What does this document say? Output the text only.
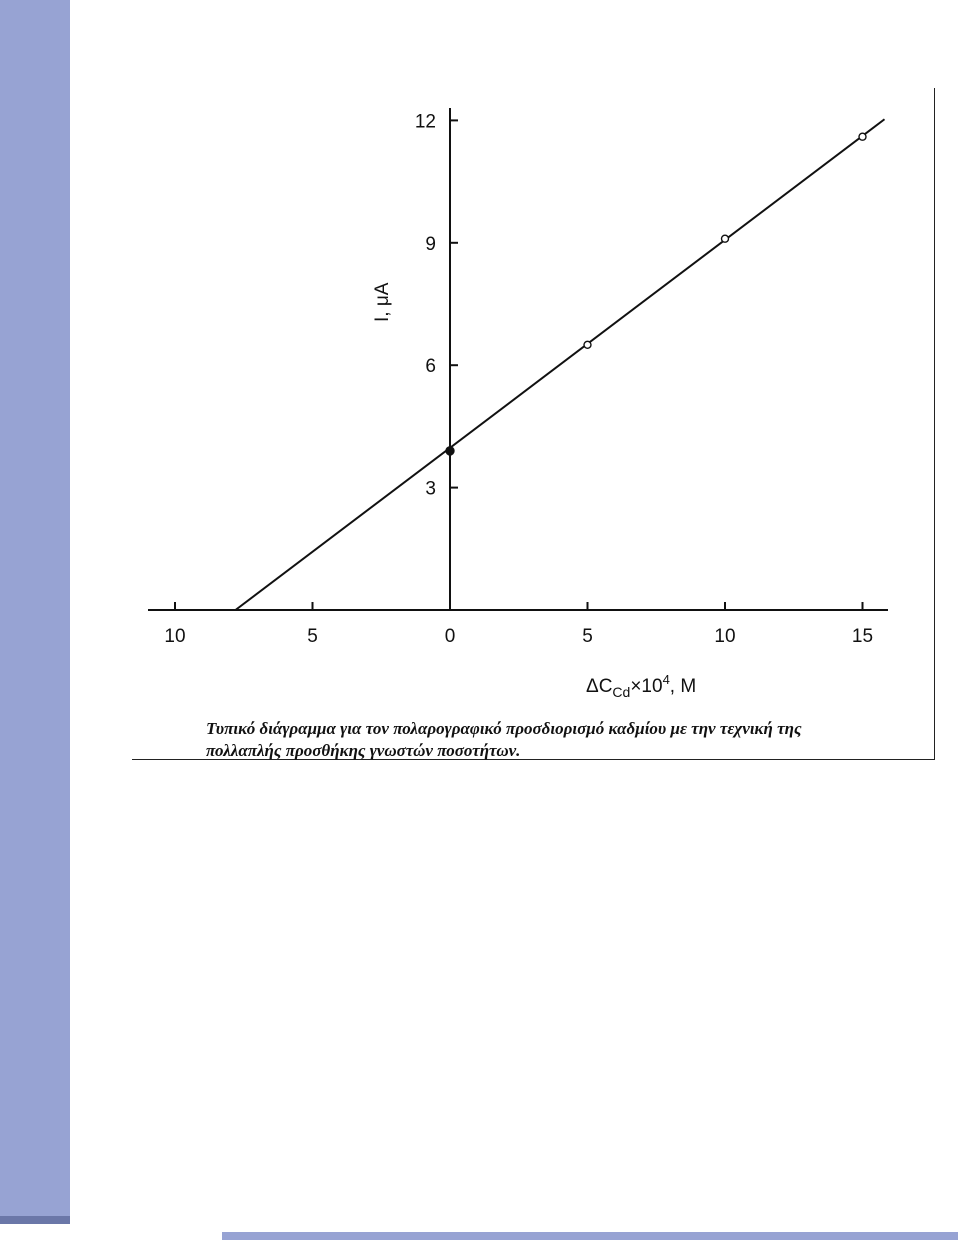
10	5	0	5	10	15
3
6
9
12
I, μA
$\Delta C_{Cd}\times 10^4$, M
Τυπικό διάγραμμα για τον πολαρογραφικό προσδιορισμό καδμίου με την τεχνική της
πολλαπλής προσθήκης γνωστών ποσοτήτων.
